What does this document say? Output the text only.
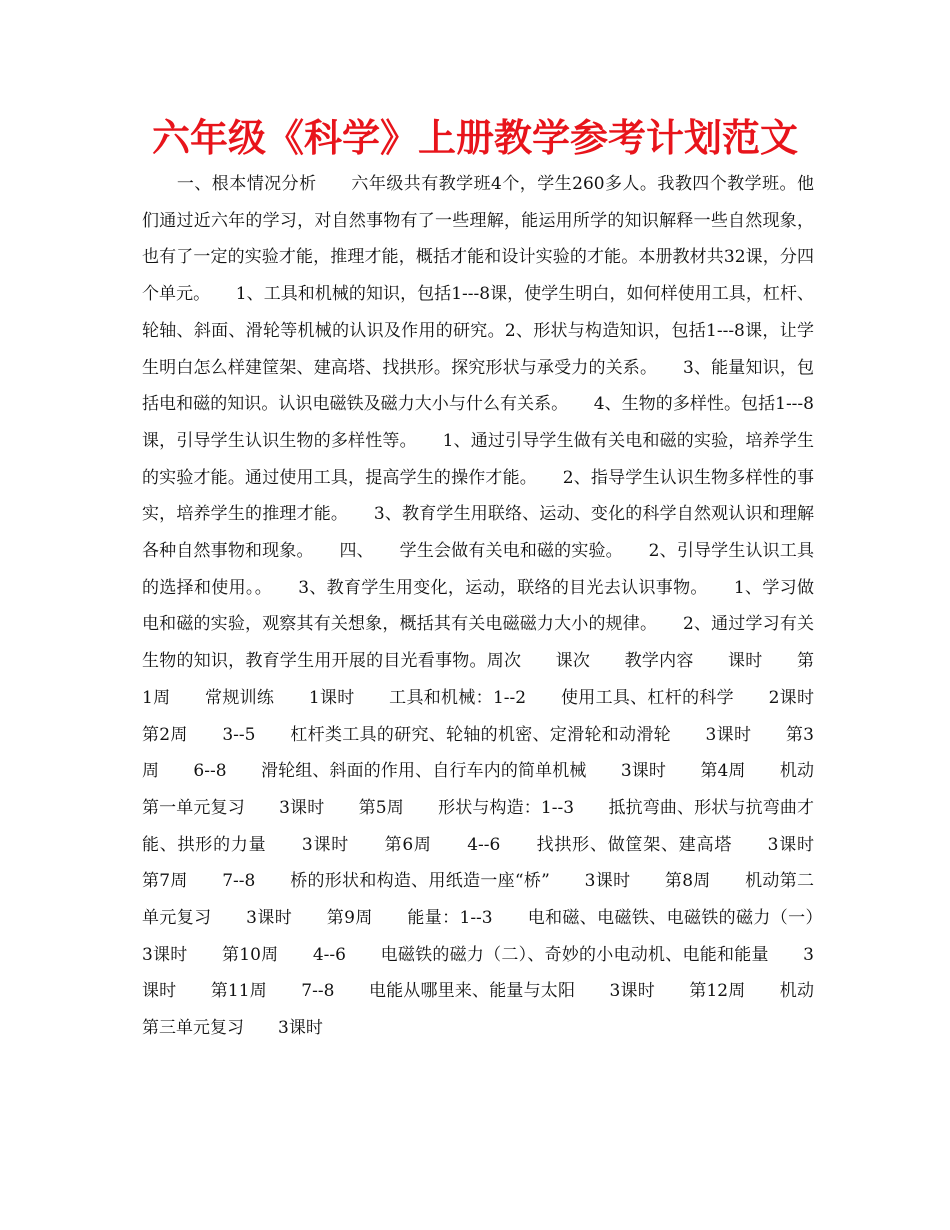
六年级《科学》上册教学参考计划范文
　　一、根本情况分析　　六年级共有教学班4个，学生260多人。我教四个教学班。他们通过近六年的学习，对自然事物有了一些理解，能运用所学的知识解释一些自然现象，也有了一定的实验才能，推理才能，概括才能和设计实验的才能。本册教材共32课，分四个单元。　　1、工具和机械的知识，包括1---8课，使学生明白，如何样使用工具，杠杆、轮轴、斜面、滑轮等机械的认识及作用的研究。2、形状与构造知识，包括1---8课，让学生明白怎么样建筐架、建高塔、找拱形。探究形状与承受力的关系。　　3、能量知识，包括电和磁的知识。认识电磁铁及磁力大小与什么有关系。　　4、生物的多样性。包括1---8课，引导学生认识生物的多样性等。　　1、通过引导学生做有关电和磁的实验，培养学生的实验才能。通过使用工具，提高学生的操作才能。　　2、指导学生认识生物多样性的事实，培养学生的推理才能。　　3、教育学生用联络、运动、变化的科学自然观认识和理解各种自然事物和现象。　　四、　　学生会做有关电和磁的实验。　　2、引导学生认识工具的选择和使用。。　　3、教育学生用变化，运动，联络的目光去认识事物。　　1、学习做电和磁的实验，观察其有关想象，概括其有关电磁磁力大小的规律。　　2、通过学习有关生物的知识，教育学生用开展的目光看事物。周次　　课次　　教学内容　　课时　　第1周　　常规训练　　1课时　　工具和机械：1--2　　使用工具、杠杆的科学　　2课时　　第2周　　3--5　　杠杆类工具的研究、轮轴的机密、定滑轮和动滑轮　　3课时　　第3周　　6--8　　滑轮组、斜面的作用、自行车内的简单机械　　3课时　　第4周　　机动第一单元复习　　3课时　　第5周　　形状与构造：1--3　　抵抗弯曲、形状与抗弯曲才能、拱形的力量　　3课时　　第6周　　4--6　　找拱形、做筐架、建高塔　　3课时　　第7周　　7--8　　桥的形状和构造、用纸造一座“桥”　　3课时　　第8周　　机动第二单元复习　　3课时　　第9周　　能量：1--3　　电和磁、电磁铁、电磁铁的磁力（一）　　3课时　　第10周　　4--6　　电磁铁的磁力（二）、奇妙的小电动机、电能和能量　　3课时　　第11周　　7--8　　电能从哪里来、能量与太阳　　3课时　　第12周　　机动第三单元复习　　3课时
